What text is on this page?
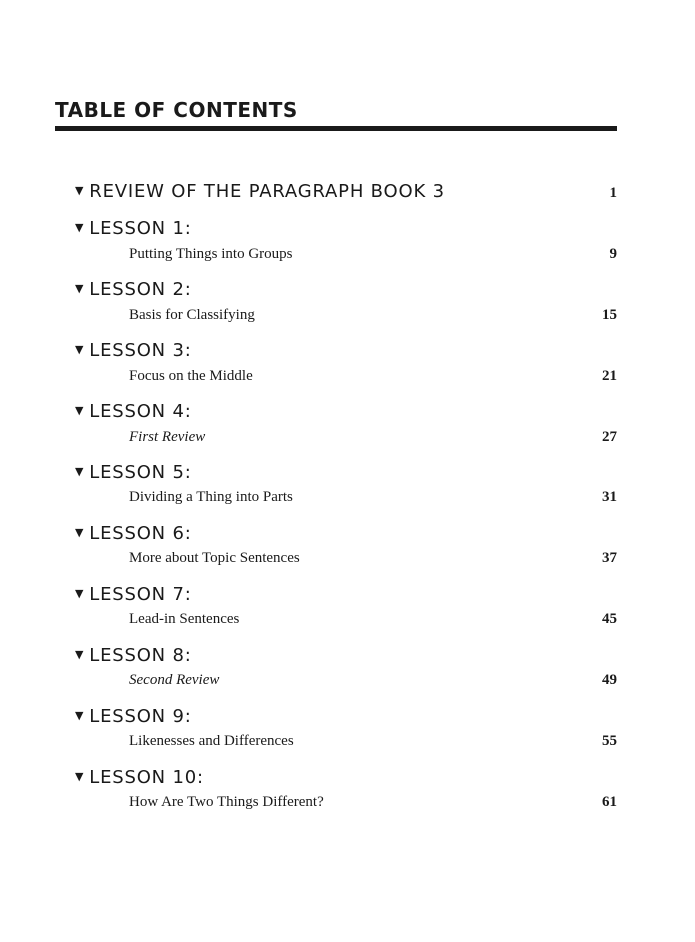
TABLE OF CONTENTS
▼ REVIEW OF THE PARAGRAPH BOOK 3	1
▼ LESSON 1:
Putting Things into Groups	9
▼ LESSON 2:
Basis for Classifying	15
▼ LESSON 3:
Focus on the Middle	21
▼ LESSON 4:
First Review	27
▼ LESSON 5:
Dividing a Thing into Parts	31
▼ LESSON 6:
More about Topic Sentences	37
▼ LESSON 7:
Lead-in Sentences	45
▼ LESSON 8:
Second Review	49
▼ LESSON 9:
Likenesses and Differences	55
▼ LESSON 10:
How Are Two Things Different?	61
